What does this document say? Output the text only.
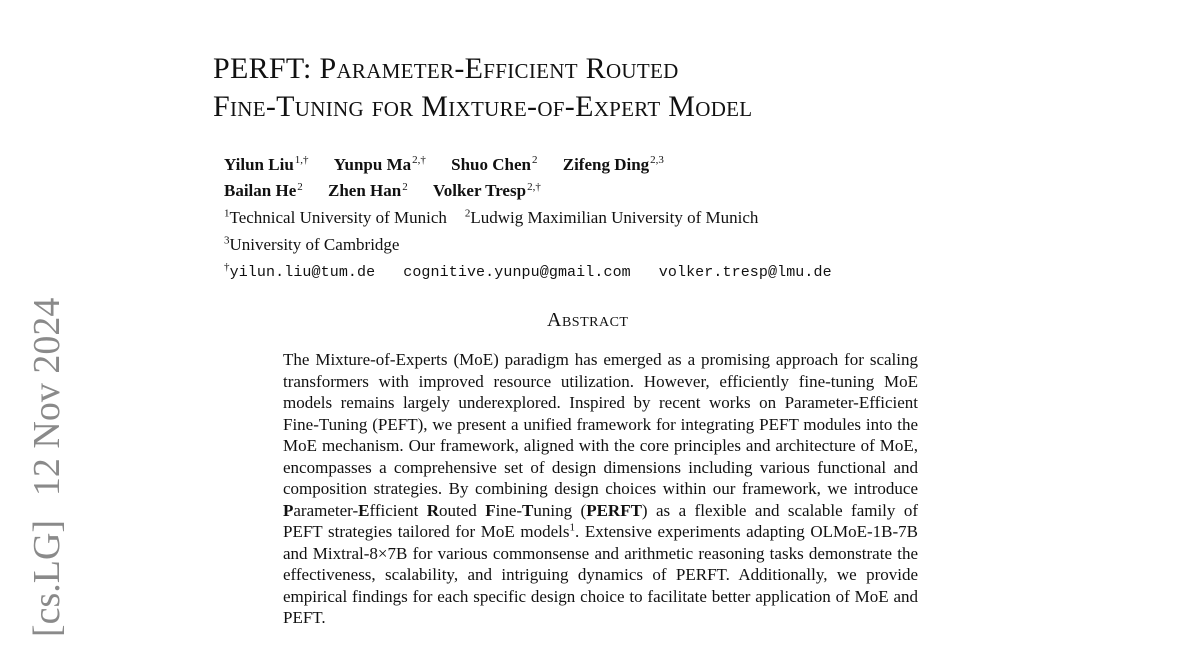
[cs.LG] 12 Nov 2024
PERFT: Parameter-Efficient Routed
Fine-Tuning for Mixture-of-Expert Model
Yilun Liu$^{1,\dagger}$ Yunpu $Ma^{2,\dagger}$ Shuo Chen$^2$ Zifeng Ding$^{2,3}$
Bailan He$^2$ Zhen Han$^2$ Volker Tresp$^{2,\dagger}$
$^1$Technical University of Munich $^2$Ludwig Maximilian University of Munich
$^3$University of Cambridge
†yilun.liu@tum.de cognitive.yunpu@gmail.com volker.tresp@lmu.de
Abstract

The Mixture-of-Experts (MoE) paradigm has emerged as a promising approach for scaling transformers with improved resource utilization. However, efficiently fine-tuning MoE models remains largely underexplored. Inspired by recent works on Parameter-Efficient Fine-Tuning (PEFT), we present a unified framework for integrating PEFT modules into the MoE mechanism. Our framework, aligned with the core principles and architecture of MoE, encompasses a comprehensive set of design dimensions including various functional and composition strategies. By combining design choices within our framework, we introduce Parameter-Efficient Routed Fine-Tuning (PERFT) as a flexible and scalable family of PEFT strategies tailored for MoE models$^1$. Extensive experiments adapting OLMoE-1B-7B and Mixtral-8×7B for various commonsense and arithmetic reasoning tasks demonstrate the effectiveness, scalability, and intriguing dynamics of PERFT. Additionally, we provide empirical findings for each specific design choice to facilitate better application of MoE and PEFT.
